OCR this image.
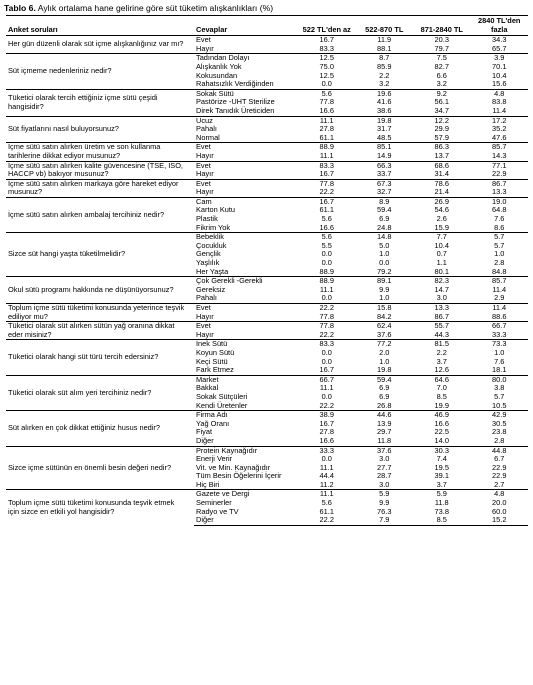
Tablo 6. Aylık ortalama hane gelirine göre süt tüketim alışkanlıkları (%)
Anket soruları	Cevaplar	522 TL'den az	522-870 TL	871-2840 TL	2840 TL'den fazla
Her gün düzenli olarak süt içme alışkanlığınız var mı?	Evet	16.7	11.9	20.3	34.3
	Hayır	83.3	88.1	79.7	65.7
Süt içmeme nedenleriniz nedir?	Tadından Dolayı	12.5	8.7	7.5	3.9
	Alışkanlık Yok	75.0	85.9	82.7	70.1
	Kokusundan	12.5	2.2	6.6	10.4
	Rahatsızlık Verdiğinden	0.0	3.2	3.2	15.6
Tüketici olarak tercih ettiğiniz içme sütü çeşidi hangisidir?	Sokak Sütü	5.6	19.6	9.2	4.8
	Pastörize -UHT Sterilize	77.8	41.6	56.1	83.8
	Direk Tanıdık Üreticiden	16.6	38.6	34.7	11.4
Süt fiyatlarını nasıl buluyorsunuz?	Ucuz	11.1	19.8	12.2	17.2
	Pahalı	27.8	31.7	29.9	35.2
	Normal	61.1	48.5	57.9	47.6
İçme sütü satın alırken üretim ve son kullanma tarihlerine dikkat ediyor musunuz?	Evet	88.9	85.1	86.3	85.7
	Hayır	11.1	14.9	13.7	14.3
İçme sütü satın alırken kalite güvencesine (TSE, ISO, HACCP vb) bakıyor musunuz?	Evet	83.3	66.3	68.6	77.1
	Hayır	16.7	33.7	31.4	22.9
İçme sütü satın alırken markaya göre hareket ediyor musunuz?	Evet	77.8	67.3	78.6	86.7
	Hayır	22.2	32.7	21.4	13.3
İçme sütü satın alırken ambalaj tercihiniz nedir?	Cam	16.7	8.9	26.9	19.0
	Karton Kutu	61.1	59.4	54.6	64.8
	Plastik	5.6	6.9	2.6	7.6
	Fikrim Yok	16.6	24.8	15.9	8.6
Sizce süt hangi yaşta tüketilmelidir?	Bebeklik	5.6	14.8	7.7	5.7
	Çocukluk	5.5	5.0	10.4	5.7
	Gençlik	0.0	1.0	0.7	1.0
	Yaşlılık	0.0	0.0	1.1	2.8
	Her Yaşta	88.9	79.2	80.1	84.8
Okul sütü programı hakkında ne düşünüyorsunuz?	Çok Gerekli -Gerekli	88.9	89.1	82.3	85.7
	Gereksiz	11.1	9.9	14.7	11.4
	Pahalı	0.0	1.0	3.0	2.9
Toplum içme sütü tüketimi konusunda yeterince teşvik ediliyor mu?	Evet	22.2	15.8	13.3	11.4
	Hayır	77.8	84.2	86.7	88.6
Tüketici olarak süt alırken sütün yağ oranına dikkat eder misiniz?	Evet	77.8	62.4	55.7	66.7
	Hayır	22.2	37.6	44.3	33.3
Tüketici olarak hangi süt türü tercih edersiniz?	İnek Sütü	83.3	77.2	81.5	73.3
	Koyun Sütü	0.0	2.0	2.2	1.0
	Keçi Sütü	0.0	1.0	3.7	7.6
	Fark Etmez	16.7	19.8	12.6	18.1
Tüketici olarak süt alım yeri tercihiniz nedir?	Market	66.7	59.4	64.6	80.0
	Bakkal	11.1	6.9	7.0	3.8
	Sokak Sütçüleri	0.0	6.9	8.5	5.7
	Kendi Üretenler	22.2	26.8	19.9	10.5
Süt alırken en çok dikkat ettiğiniz husus nedir?	Firma Adı	38.9	44.6	46.9	42.9
	Yağ Oranı	16.7	13.9	16.6	30.5
	Fiyat	27.8	29.7	22.5	23.8
	Diğer	16.6	11.8	14.0	2.8
Sizce içme sütünün en önemli besin değeri nedir?	Protein Kaynağıdır	33.3	37.6	30.3	44.8
	Enerji Verir	0.0	3.0	7.4	6.7
	Vit. ve Min. Kaynağıdır	11.1	27.7	19.5	22.9
	Tüm Besin Öğelerini İçerir	44.4	28.7	39.1	22.9
	Hiç Biri	11.2	3.0	3.7	2.7
Toplum içme sütü tüketimi konusunda teşvik etmek için sizce en etkili yol hangisidir?	Gazete ve Dergi	11.1	5.9	5.9	4.8
	Seminerler	5.6	9.9	11.8	20.0
	Radyo ve TV	61.1	76.3	73.8	60.0
	Diğer	22.2	7.9	8.5	15.2
